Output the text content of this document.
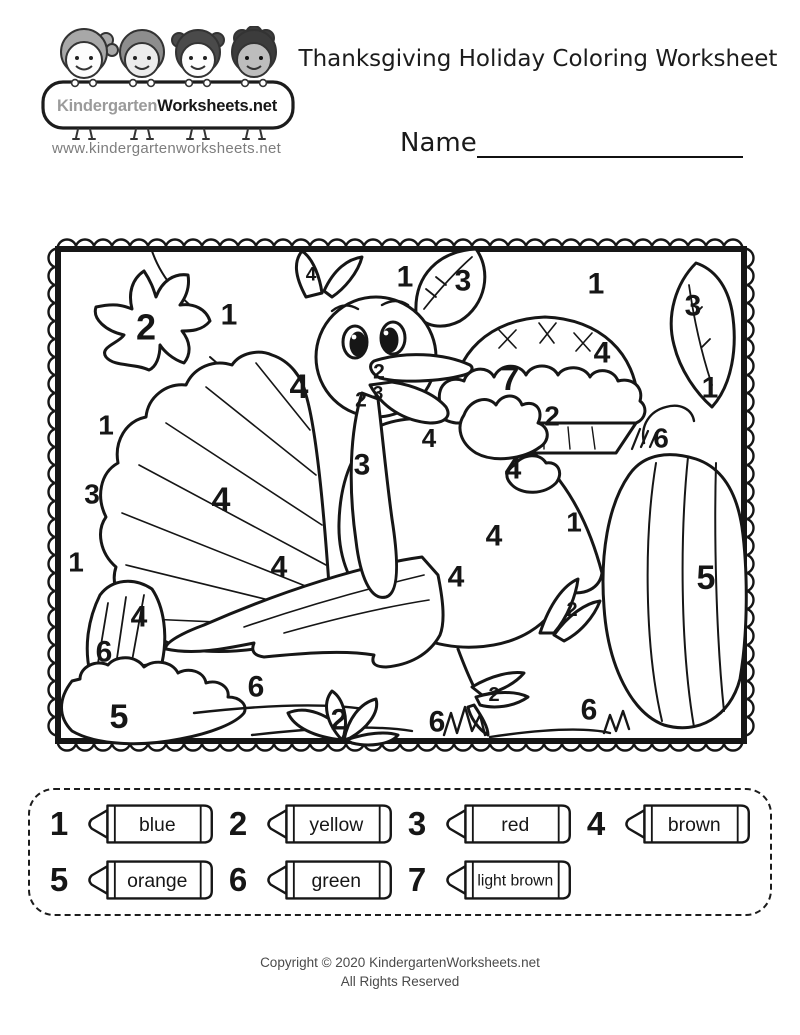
KindergartenWorksheets.net
www.kindergartenworksheets.net
Thanksgiving Holiday Coloring Worksheet
Name
4	1 3	1
3
1
2
4
2	7
4	1
3
2
2
1	4	6
3	4
3	4
1
4
1	4	4	5
2
4
6
6	2	6
5	2	6
1	blue 2	yellow 3	red 4	brown
5	orange 6	green 7	light brown
Copyright © 2020 KindergartenWorksheets.net
All Rights Reserved
